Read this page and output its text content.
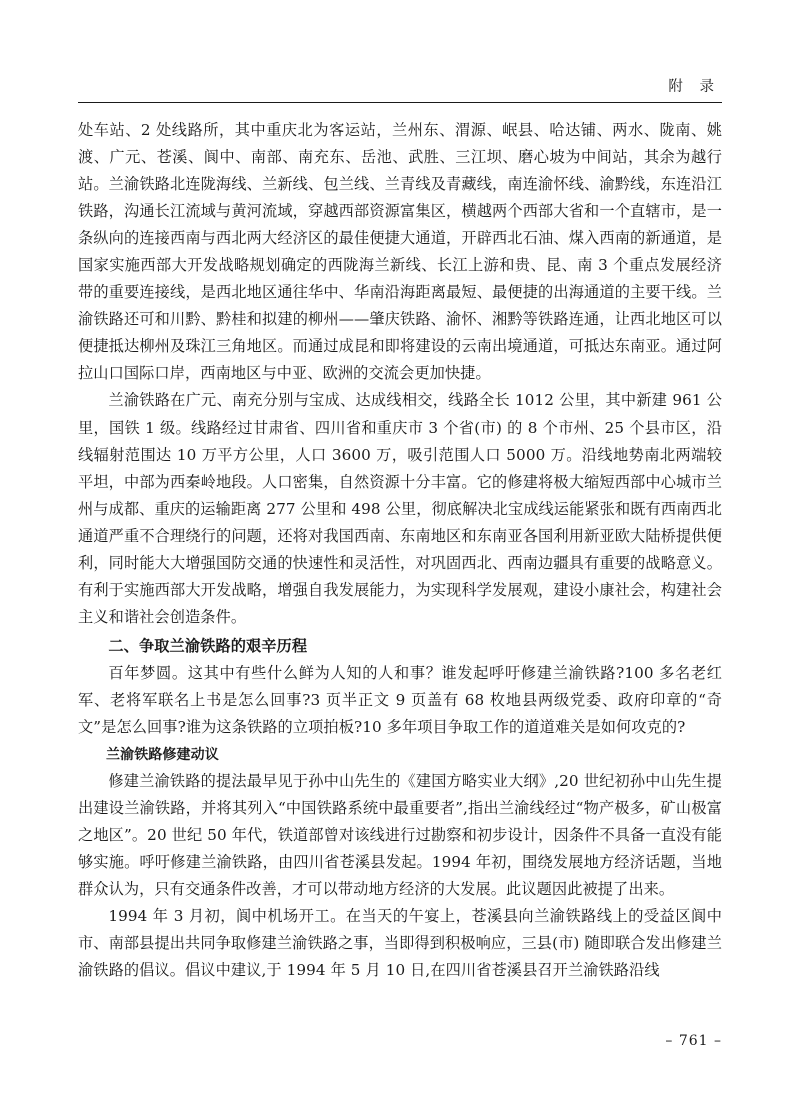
附 录

处车站、2 处线路所，其中重庆北为客运站，兰州东、渭源、岷县、哈达铺、两水、陇南、姚渡、广元、苍溪、阆中、南部、南充东、岳池、武胜、三江坝、磨心坡为中间站，其余为越行站。兰渝铁路北连陇海线、兰新线、包兰线、兰青线及青藏线，南连渝怀线、渝黔线，东连沿江铁路，沟通长江流域与黄河流域，穿越西部资源富集区，横越两个西部大省和一个直辖市，是一条纵向的连接西南与西北两大经济区的最佳便捷大通道，开辟西北石油、煤入西南的新通道，是国家实施西部大开发战略规划确定的西陇海兰新线、长江上游和贵、昆、南 3 个重点发展经济带的重要连接线，是西北地区通往华中、华南沿海距离最短、最便捷的出海通道的主要干线。兰渝铁路还可和川黔、黔桂和拟建的柳州——肇庆铁路、渝怀、湘黔等铁路连通，让西北地区可以便捷抵达柳州及珠江三角地区。而通过成昆和即将建设的云南出境通道，可抵达东南亚。通过阿拉山口国际口岸，西南地区与中亚、欧洲的交流会更加快捷。

兰渝铁路在广元、南充分别与宝成、达成线相交，线路全长 1012 公里，其中新建 961 公里，国铁 1 级。线路经过甘肃省、四川省和重庆市 3 个省(市) 的 8 个市州、25 个县市区，沿线辐射范围达 10 万平方公里，人口 3600 万，吸引范围人口 5000 万。沿线地势南北两端较平坦，中部为西秦岭地段。人口密集，自然资源十分丰富。它的修建将极大缩短西部中心城市兰州与成都、重庆的运输距离 277 公里和 498 公里，彻底解决北宝成线运能紧张和既有西南西北通道严重不合理绕行的问题，还将对我国西南、东南地区和东南亚各国利用新亚欧大陆桥提供便利，同时能大大增强国防交通的快速性和灵活性，对巩固西北、西南边疆具有重要的战略意义。有利于实施西部大开发战略，增强自我发展能力，为实现科学发展观，建设小康社会，构建社会主义和谐社会创造条件。

二、争取兰渝铁路的艰辛历程

百年梦圆。这其中有些什么鲜为人知的人和事？谁发起呼吁修建兰渝铁路?100 多名老红军、老将军联名上书是怎么回事?3 页半正文 9 页盖有 68 枚地县两级党委、政府印章的“奇文”是怎么回事?谁为这条铁路的立项拍板?10 多年项目争取工作的道道难关是如何攻克的?

兰渝铁路修建动议

修建兰渝铁路的提法最早见于孙中山先生的《建国方略实业大纲》,20 世纪初孙中山先生提出建设兰渝铁路，并将其列入“中国铁路系统中最重要者”,指出兰渝线经过“物产极多，矿山极富之地区”。20 世纪 50 年代，铁道部曾对该线进行过勘察和初步设计，因条件不具备一直没有能够实施。呼吁修建兰渝铁路，由四川省苍溪县发起。1994 年初，围绕发展地方经济话题，当地群众认为，只有交通条件改善，才可以带动地方经济的大发展。此议题因此被提了出来。

1994 年 3 月初，阆中机场开工。在当天的午宴上，苍溪县向兰渝铁路线上的受益区阆中市、南部县提出共同争取修建兰渝铁路之事，当即得到积极响应，三县(市) 随即联合发出修建兰渝铁路的倡议。倡议中建议,于 1994 年 5 月 10 日,在四川省苍溪县召开兰渝铁路沿线

– 761 –
